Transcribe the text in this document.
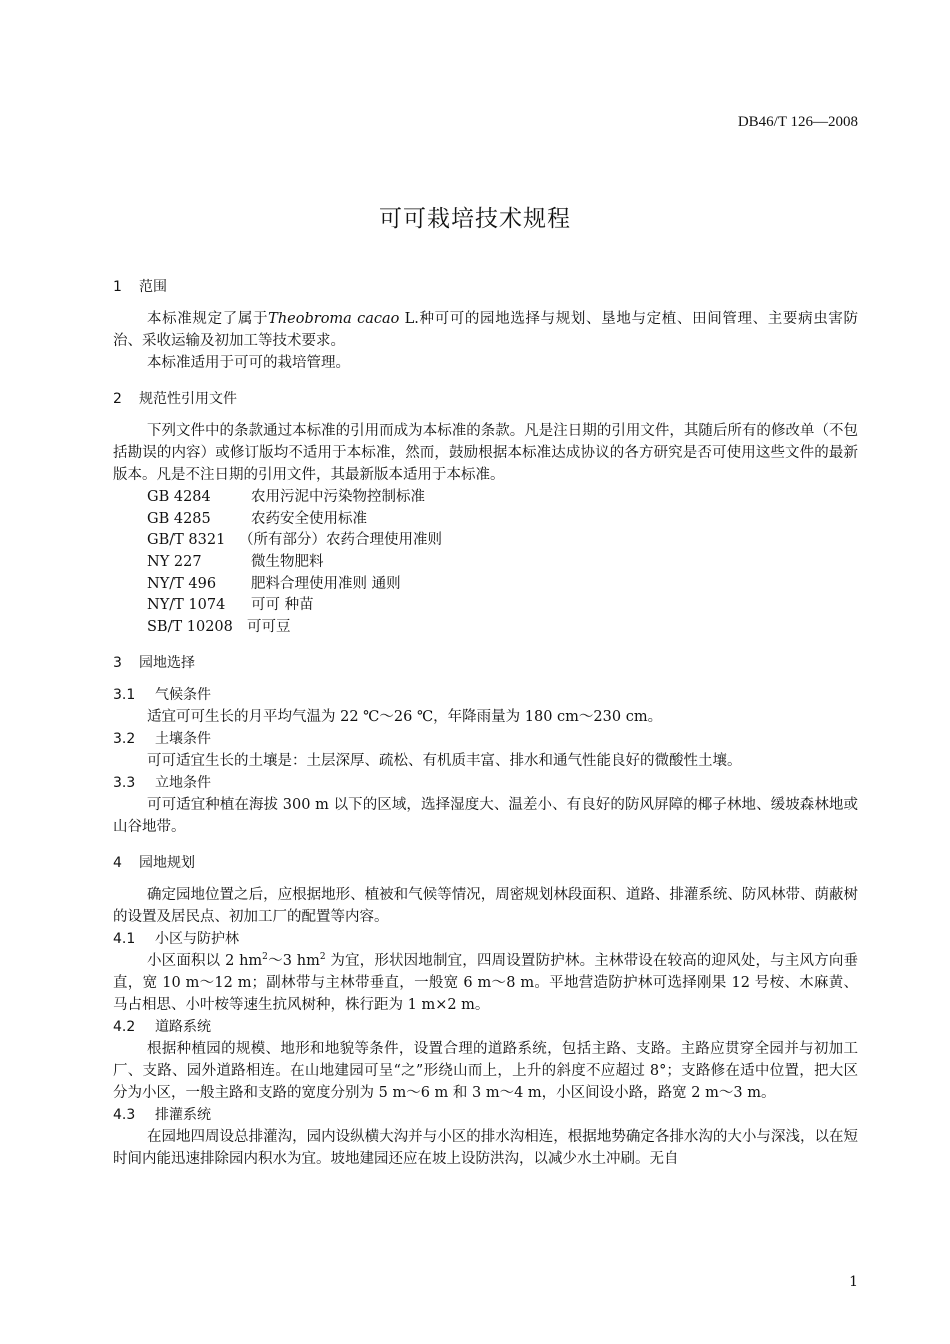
DB46/T 126—2008
可可栽培技术规程
1 范围

本标准规定了属于Theobroma cacao L.种可可的园地选择与规划、垦地与定植、田间管理、主要病虫害防治、采收运输及初加工等技术要求。

本标准适用于可可的栽培管理。

2 规范性引用文件

下列文件中的条款通过本标准的引用而成为本标准的条款。凡是注日期的引用文件，其随后所有的修改单（不包括勘误的内容）或修订版均不适用于本标准，然而，鼓励根据本标准达成协议的各方研究是否可使用这些文件的最新版本。凡是不注日期的引用文件，其最新版本适用于本标准。

GB 4284	农用污泥中污染物控制标准
GB 4285	农药安全使用标准
GB/T 8321 （所有部分）农药合理使用准则
NY 227	微生物肥料
NY/T 496 肥料合理使用准则 通则
NY/T 1074 可可 种苗
SB/T 10208 可可豆
3 园地选择
3.1 气候条件

适宜可可生长的月平均气温为 22 ℃～26 ℃，年降雨量为 180 cm～230 cm。

3.2 土壤条件

可可适宜生长的土壤是：土层深厚、疏松、有机质丰富、排水和通气性能良好的微酸性土壤。

3.3 立地条件

可可适宜种植在海拔 300 m 以下的区域，选择湿度大、温差小、有良好的防风屏障的椰子林地、缓坡森林地或山谷地带。

4 园地规划

确定园地位置之后，应根据地形、植被和气候等情况，周密规划林段面积、道路、排灌系统、防风林带、荫蔽树的设置及居民点、初加工厂的配置等内容。

4.1 小区与防护林

小区面积以 2 $hm^2\sim 3$ $hm^2$ 为宜，形状因地制宜，四周设置防护林。主林带设在较高的迎风处，与主风方向垂直，宽 10 m～12 m；副林带与主林带垂直，一般宽 6 m～8 m。平地营造防护林可选择刚果 12 号桉、木麻黄、马占相思、小叶桉等速生抗风树种，株行距为 1 m×2 m。

4.2 道路系统

根据种植园的规模、地形和地貌等条件，设置合理的道路系统，包括主路、支路。主路应贯穿全园并与初加工厂、支路、园外道路相连。在山地建园可呈“之”形绕山而上，上升的斜度不应超过 8°；支路修在适中位置，把大区分为小区，一般主路和支路的宽度分别为 5 m～6 m 和 3 m～4 m，小区间设小路，路宽 2 m～3 m。

4.3 排灌系统

在园地四周设总排灌沟，园内设纵横大沟并与小区的排水沟相连，根据地势确定各排水沟的大小与深浅，以在短时间内能迅速排除园内积水为宜。坡地建园还应在坡上设防洪沟，以减少水土冲刷。无自

1
